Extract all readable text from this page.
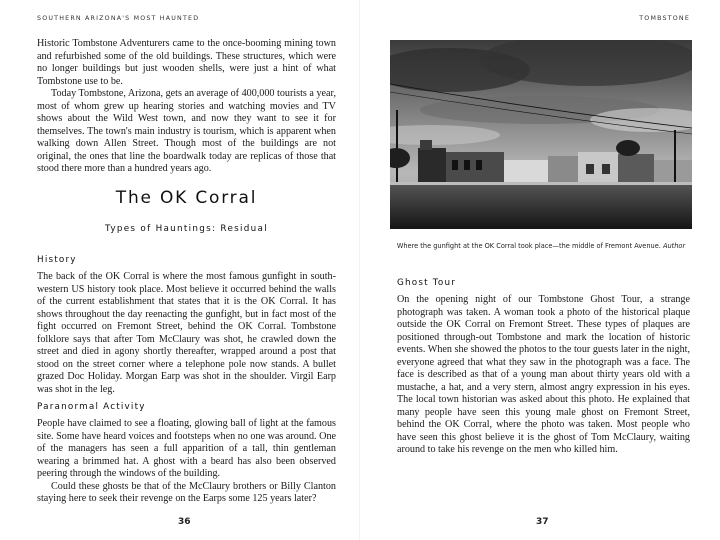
SOUTHERN ARIZONA'S MOST HAUNTED

Historic Tombstone Adventurers came to the once-booming mining town and refurbished some of the old buildings. These structures, which were no longer buildings but just wooden shells, were just a hint of what Tombstone use to be.

Today Tombstone, Arizona, gets an average of 400,000 tourists a year, most of whom grew up hearing stories and watching movies and TV shows about the Wild West town, and now they want to see it for themselves. The town's main industry is tourism, which is apparent when walking down Allen Street. Though most of the buildings are not original, the ones that line the boardwalk today are replicas of those that stood there more than a hundred years ago.

The OK Corral
Types of Hauntings: Residual
History

The back of the OK Corral is where the most famous gunfight in south-western US history took place. Most believe it occurred behind the walls of the current establishment that states that it is the OK Corral. It has shows throughout the day reenacting the gunfight, but in fact most of the fight occurred on Fremont Street, behind the OK Corral. Tombstone folklore says that after Tom McClaury was shot, he crawled down the street and died in agony shortly thereafter, wrapped around a post that stood on the street corner where a telephone pole now stands. A bullet grazed Doc Holiday. Morgan Earp was shot in the shoulder. Virgil Earp was shot in the leg.

Paranormal Activity

People have claimed to see a floating, glowing ball of light at the famous site. Some have heard voices and footsteps when no one was around. One of the managers has seen a full apparition of a tall, thin gentleman wearing a brimmed hat. A ghost with a beard has also been observed peering through the windows of the building.

Could these ghosts be that of the McClaury brothers or Billy Clanton staying here to seek their revenge on the Earps some 125 years later?

36
TOMBSTONE
Where the gunfight at the OK Corral took place—the middle of Fremont Avenue. Author
Ghost Tour

On the opening night of our Tombstone Ghost Tour, a strange photograph was taken. A woman took a photo of the historical plaque outside the OK Corral on Fremont Street. These types of plaques are positioned through-out Tombstone and mark the location of historic events. When she showed the photos to the tour guests later in the night, everyone agreed that what they saw in the photograph was a face. The face is described as that of a young man about thirty years old with a mustache, a hat, and a very stern, almost angry expression in his eyes. The local town historian was asked about this photo. He explained that many people have seen this young male ghost on Fremont Street, behind the OK Corral, where the photo was taken. Most people who have seen this ghost believe it is the ghost of Tom McClaury, waiting around to take his revenge on the men who killed him.

37
